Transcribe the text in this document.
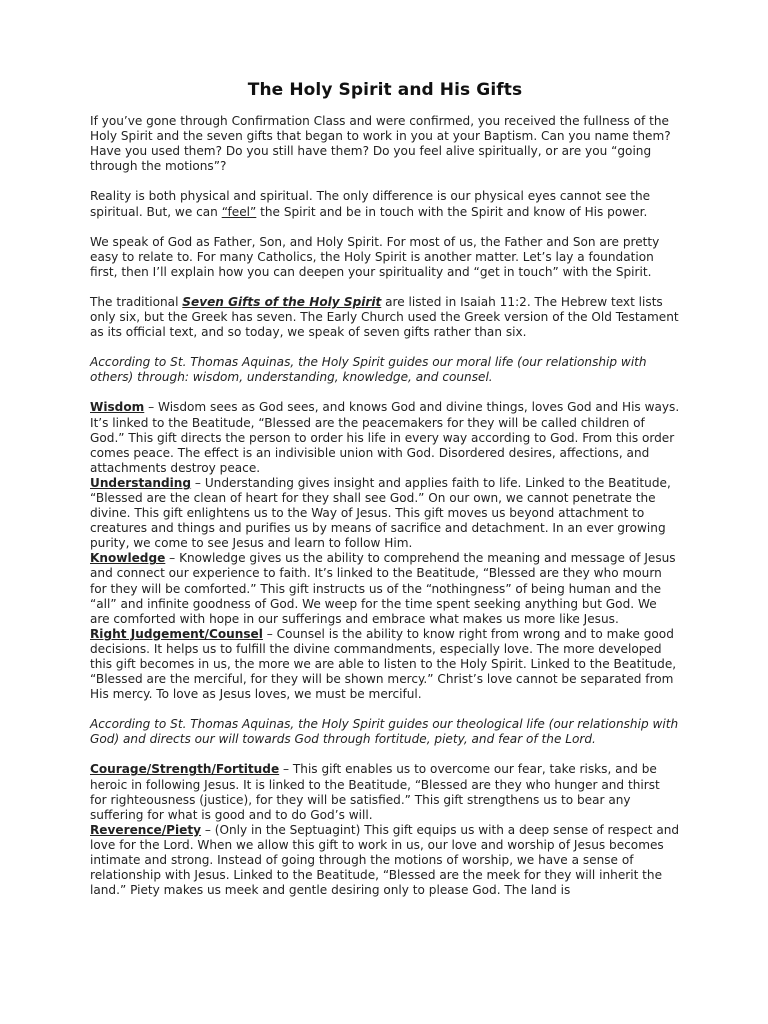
The Holy Spirit and His Gifts

If you’ve gone through Confirmation Class and were confirmed, you received the fullness of the Holy Spirit and the seven gifts that began to work in you at your Baptism. Can you name them? Have you used them? Do you still have them? Do you feel alive spiritually, or are you “going through the motions”?

Reality is both physical and spiritual. The only difference is our physical eyes cannot see the spiritual. But, we can “feel” the Spirit and be in touch with the Spirit and know of His power.

We speak of God as Father, Son, and Holy Spirit. For most of us, the Father and Son are pretty easy to relate to. For many Catholics, the Holy Spirit is another matter. Let’s lay a foundation first, then I’ll explain how you can deepen your spirituality and “get in touch” with the Spirit.

The traditional Seven Gifts of the Holy Spirit are listed in Isaiah 11:2. The Hebrew text lists only six, but the Greek has seven. The Early Church used the Greek version of the Old Testament as its official text, and so today, we speak of seven gifts rather than six.

According to St. Thomas Aquinas, the Holy Spirit guides our moral life (our relationship with others) through: wisdom, understanding, knowledge, and counsel.

Wisdom – Wisdom sees as God sees, and knows God and divine things, loves God and His ways. It’s linked to the Beatitude, “Blessed are the peacemakers for they will be called children of God.” This gift directs the person to order his life in every way according to God. From this order comes peace. The effect is an indivisible union with God. Disordered desires, affections, and attachments destroy peace.

Understanding – Understanding gives insight and applies faith to life. Linked to the Beatitude, “Blessed are the clean of heart for they shall see God.” On our own, we cannot penetrate the divine. This gift enlightens us to the Way of Jesus. This gift moves us beyond attachment to creatures and things and purifies us by means of sacrifice and detachment. In an ever growing purity, we come to see Jesus and learn to follow Him.

Knowledge – Knowledge gives us the ability to comprehend the meaning and message of Jesus and connect our experience to faith. It’s linked to the Beatitude, “Blessed are they who mourn for they will be comforted.” This gift instructs us of the “nothingness” of being human and the “all” and infinite goodness of God. We weep for the time spent seeking anything but God. We are comforted with hope in our sufferings and embrace what makes us more like Jesus.

Right Judgement/Counsel – Counsel is the ability to know right from wrong and to make good decisions. It helps us to fulfill the divine commandments, especially love. The more developed this gift becomes in us, the more we are able to listen to the Holy Spirit. Linked to the Beatitude, “Blessed are the merciful, for they will be shown mercy.” Christ’s love cannot be separated from His mercy. To love as Jesus loves, we must be merciful.

According to St. Thomas Aquinas, the Holy Spirit guides our theological life (our relationship with God) and directs our will towards God through fortitude, piety, and fear of the Lord.

Courage/Strength/Fortitude – This gift enables us to overcome our fear, take risks, and be heroic in following Jesus. It is linked to the Beatitude, “Blessed are they who hunger and thirst for righteousness (justice), for they will be satisfied.” This gift strengthens us to bear any suffering for what is good and to do God’s will.

Reverence/Piety – (Only in the Septuagint) This gift equips us with a deep sense of respect and love for the Lord. When we allow this gift to work in us, our love and worship of Jesus becomes intimate and strong. Instead of going through the motions of worship, we have a sense of relationship with Jesus. Linked to the Beatitude, “Blessed are the meek for they will inherit the land.” Piety makes us meek and gentle desiring only to please God. The land is
